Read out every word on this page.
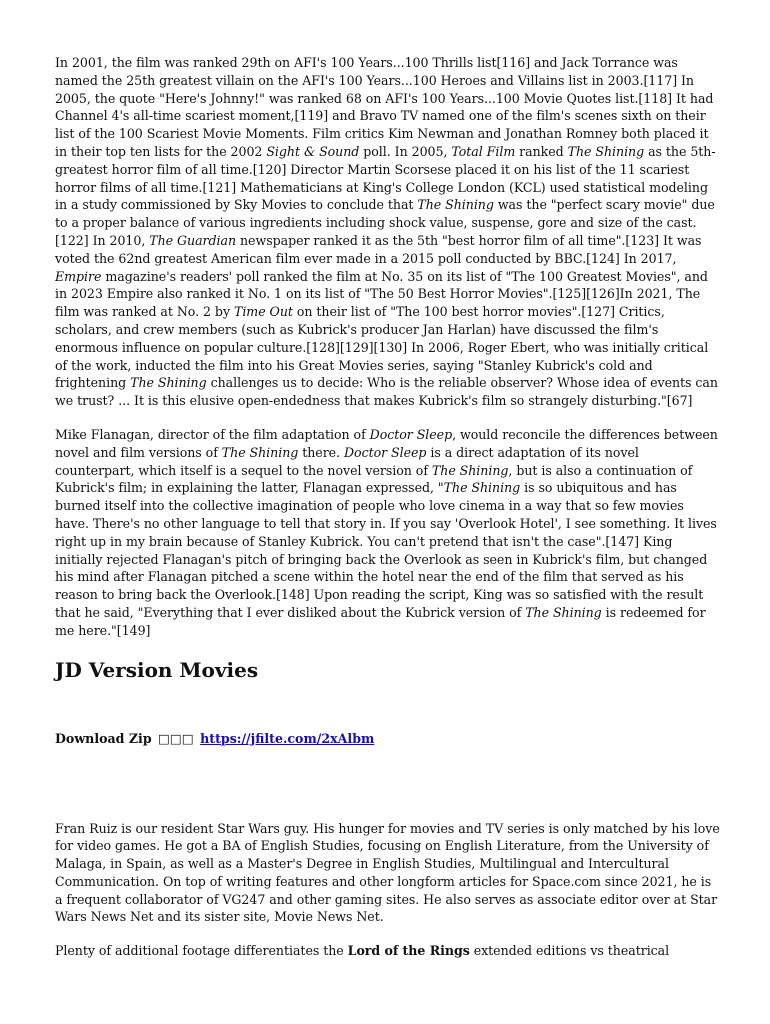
In 2001, the film was ranked 29th on AFI's 100 Years...100 Thrills list[116] and Jack Torrance was named the 25th greatest villain on the AFI's 100 Years...100 Heroes and Villains list in 2003.[117] In 2005, the quote "Here's Johnny!" was ranked 68 on AFI's 100 Years...100 Movie Quotes list.[118] It had Channel 4's all-time scariest moment,[119] and Bravo TV named one of the film's scenes sixth on their list of the 100 Scariest Movie Moments. Film critics Kim Newman and Jonathan Romney both placed it in their top ten lists for the 2002 Sight & Sound poll. In 2005, Total Film ranked The Shining as the 5th-greatest horror film of all time.[120] Director Martin Scorsese placed it on his list of the 11 scariest horror films of all time.[121] Mathematicians at King's College London (KCL) used statistical modeling in a study commissioned by Sky Movies to conclude that The Shining was the "perfect scary movie" due to a proper balance of various ingredients including shock value, suspense, gore and size of the cast.[122] In 2010, The Guardian newspaper ranked it as the 5th "best horror film of all time".[123] It was voted the 62nd greatest American film ever made in a 2015 poll conducted by BBC.[124] In 2017, Empire magazine's readers' poll ranked the film at No. 35 on its list of "The 100 Greatest Movies", and in 2023 Empire also ranked it No. 1 on its list of "The 50 Best Horror Movies".[125][126]In 2021, The film was ranked at No. 2 by Time Out on their list of "The 100 best horror movies".[127] Critics, scholars, and crew members (such as Kubrick's producer Jan Harlan) have discussed the film's enormous influence on popular culture.[128][129][130] In 2006, Roger Ebert, who was initially critical of the work, inducted the film into his Great Movies series, saying "Stanley Kubrick's cold and frightening The Shining challenges us to decide: Who is the reliable observer? Whose idea of events can we trust? ... It is this elusive open-endedness that makes Kubrick's film so strangely disturbing."[67]

Mike Flanagan, director of the film adaptation of Doctor Sleep, would reconcile the differences between novel and film versions of The Shining there. Doctor Sleep is a direct adaptation of its novel counterpart, which itself is a sequel to the novel version of The Shining, but is also a continuation of Kubrick's film; in explaining the latter, Flanagan expressed, "The Shining is so ubiquitous and has burned itself into the collective imagination of people who love cinema in a way that so few movies have. There's no other language to tell that story in. If you say 'Overlook Hotel', I see something. It lives right up in my brain because of Stanley Kubrick. You can't pretend that isn't the case".[147] King initially rejected Flanagan's pitch of bringing back the Overlook as seen in Kubrick's film, but changed his mind after Flanagan pitched a scene within the hotel near the end of the film that served as his reason to bring back the Overlook.[148] Upon reading the script, King was so satisfied with the result that he said, "Everything that I ever disliked about the Kubrick version of The Shining is redeemed for me here."[149]

JD Version Movies
Download Zip □□□ https://jfilte.com/2xAlbm

Fran Ruiz is our resident Star Wars guy. His hunger for movies and TV series is only matched by his love for video games. He got a BA of English Studies, focusing on English Literature, from the University of Malaga, in Spain, as well as a Master's Degree in English Studies, Multilingual and Intercultural Communication. On top of writing features and other longform articles for Space.com since 2021, he is a frequent collaborator of VG247 and other gaming sites. He also serves as associate editor over at Star Wars News Net and its sister site, Movie News Net.

Plenty of additional footage differentiates the Lord of the Rings extended editions vs theatrical
